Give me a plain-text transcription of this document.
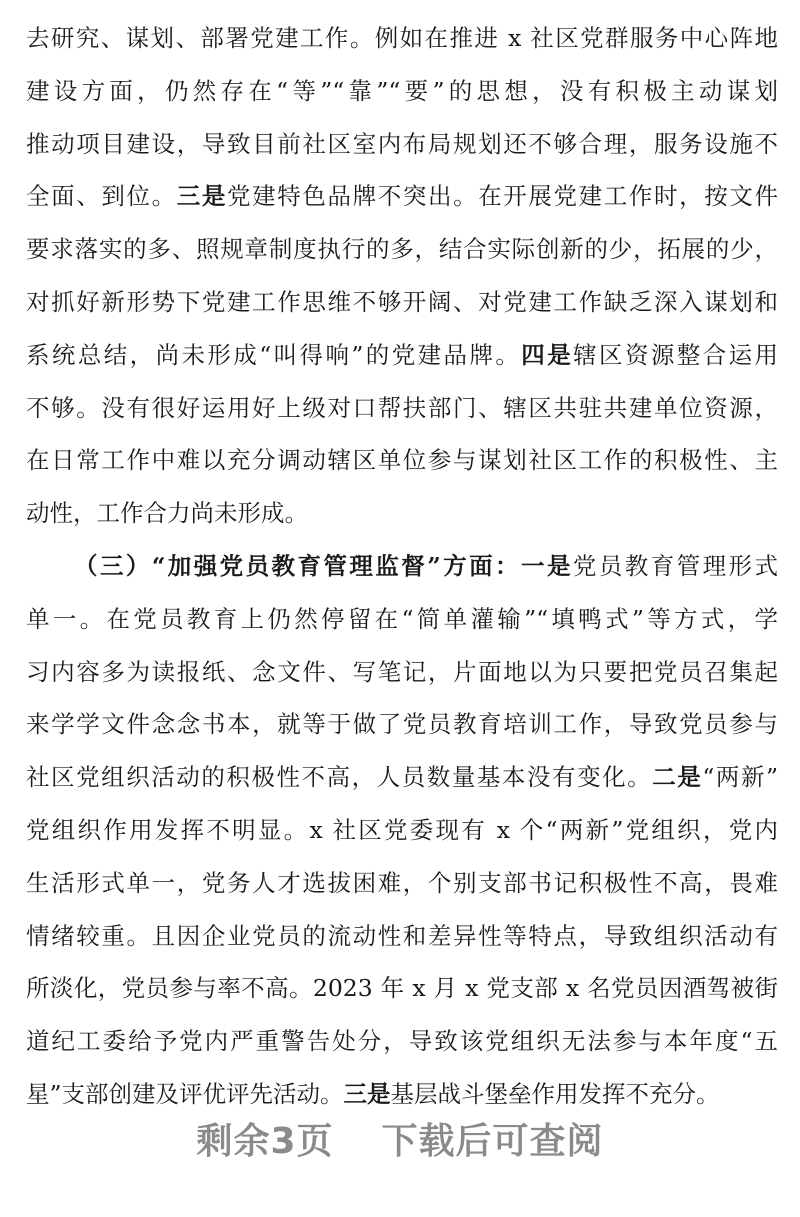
去研究、谋划、部署党建工作。例如在推进 x 社区党群服务中心阵地
建设方面，仍然存在“等”“靠”“要”的思想，没有积极主动谋划
推动项目建设，导致目前社区室内布局规划还不够合理，服务设施不
全面、到位。三是党建特色品牌不突出。在开展党建工作时，按文件
要求落实的多、照规章制度执行的多，结合实际创新的少，拓展的少，
对抓好新形势下党建工作思维不够开阔、对党建工作缺乏深入谋划和
系统总结，尚未形成“叫得响”的党建品牌。四是辖区资源整合运用
不够。没有很好运用好上级对口帮扶部门、辖区共驻共建单位资源，
在日常工作中难以充分调动辖区单位参与谋划社区工作的积极性、主
动性，工作合力尚未形成。
（三）“加强党员教育管理监督”方面：一是党员教育管理形式
单一。在党员教育上仍然停留在“简单灌输”“填鸭式”等方式，学
习内容多为读报纸、念文件、写笔记，片面地以为只要把党员召集起
来学学文件念念书本，就等于做了党员教育培训工作，导致党员参与
社区党组织活动的积极性不高，人员数量基本没有变化。二是“两新”
党组织作用发挥不明显。x 社区党委现有 x 个“两新”党组织，党内
生活形式单一，党务人才选拔困难，个别支部书记积极性不高，畏难
情绪较重。且因企业党员的流动性和差异性等特点，导致组织活动有
所淡化，党员参与率不高。2023 年 x 月 x 党支部 x 名党员因酒驾被街
道纪工委给予党内严重警告处分，导致该党组织无法参与本年度“五
星”支部创建及评优评先活动。三是基层战斗堡垒作用发挥不充分。
剩余3页 下载后可查阅
